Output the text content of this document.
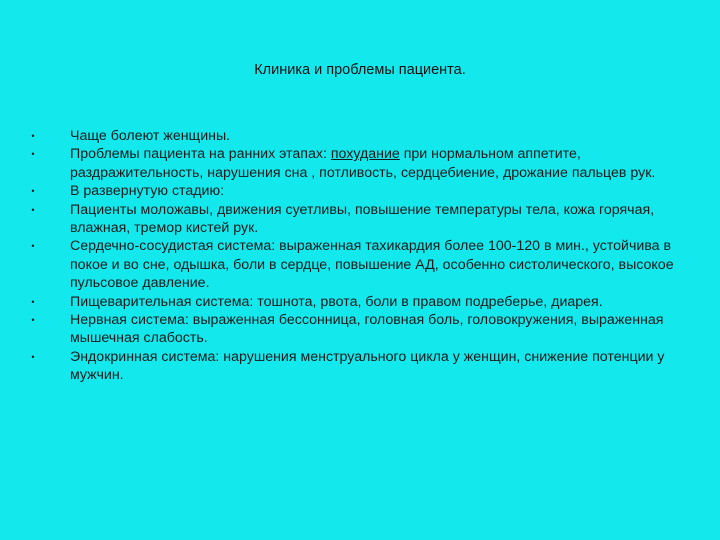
Клиника и проблемы пациента.
• Чаще болеют женщины.
• Проблемы пациента на ранних этапах: похудание при нормальном аппетите, раздражительность, нарушения сна , потливость, сердцебиение, дрожание пальцев рук.
• В развернутую стадию:
• Пациенты моложавы, движения суетливы, повышение температуры тела, кожа горячая, влажная, тремор кистей рук.
• Сердечно-сосудистая система: выраженная тахикардия более 100-120 в мин., устойчива в покое и во сне, одышка, боли в сердце, повышение АД, особенно систолического, высокое пульсовое давление.
• Пищеварительная система: тошнота, рвота, боли в правом подреберье, диарея.
• Нервная система: выраженная бессонница, головная боль, головокружения, выраженная мышечная слабость.
• Эндокринная система: нарушения менструального цикла у женщин, снижение потенции у мужчин.
